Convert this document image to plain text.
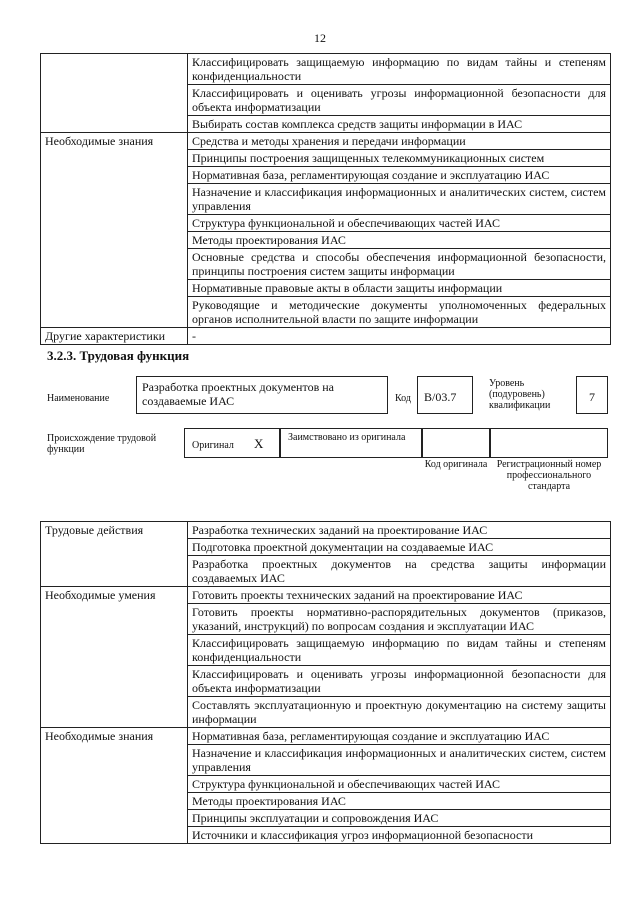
12
	Классифицировать защищаемую информацию по видам тайны и степеням конфиденциальности
	Классифицировать и оценивать угрозы информационной безопасности для объекта информатизации
	Выбирать состав комплекса средств защиты информации в ИАС
Необходимые знания	Средства и методы хранения и передачи информации
	Принципы построения защищенных телекоммуникационных систем
	Нормативная база, регламентирующая создание и эксплуатацию ИАС
	Назначение и классификация информационных и аналитических систем, систем управления
	Структура функциональной и обеспечивающих частей ИАС
	Методы проектирования ИАС
	Основные средства и способы обеспечения информационной безопасности, принципы построения систем защиты информации
	Нормативные правовые акты в области защиты информации
	Руководящие и методические документы уполномоченных федеральных органов исполнительной власти по защите информации
Другие характеристики	-
3.2.3. Трудовая функция
Наименование
Разработка проектных документов на создаваемые ИАС	Код B/03.7
Уровень (подуровень) квалификации
7
Происхождение трудовой функции	Оригинал X Заимствовано из оригинала
Код оригинала Регистрационный номер профессионального стандарта
Трудовые действия	Разработка технических заданий на проектирование ИАС
	Подготовка проектной документации на создаваемые ИАС
	Разработка проектных документов на средства защиты информации создаваемых ИАС
Необходимые умения	Готовить проекты технических заданий на проектирование ИАС
	Готовить проекты нормативно-распорядительных документов (приказов, указаний, инструкций) по вопросам создания и эксплуатации ИАС
	Классифицировать защищаемую информацию по видам тайны и степеням конфиденциальности
	Классифицировать и оценивать угрозы информационной безопасности для объекта информатизации
	Составлять эксплуатационную и проектную документацию на систему защиты информации
Необходимые знания	Нормативная база, регламентирующая создание и эксплуатацию ИАС
	Назначение и классификация информационных и аналитических систем, систем управления
	Структура функциональной и обеспечивающих частей ИАС
	Методы проектирования ИАС
	Принципы эксплуатации и сопровождения ИАС
	Источники и классификация угроз информационной безопасности
